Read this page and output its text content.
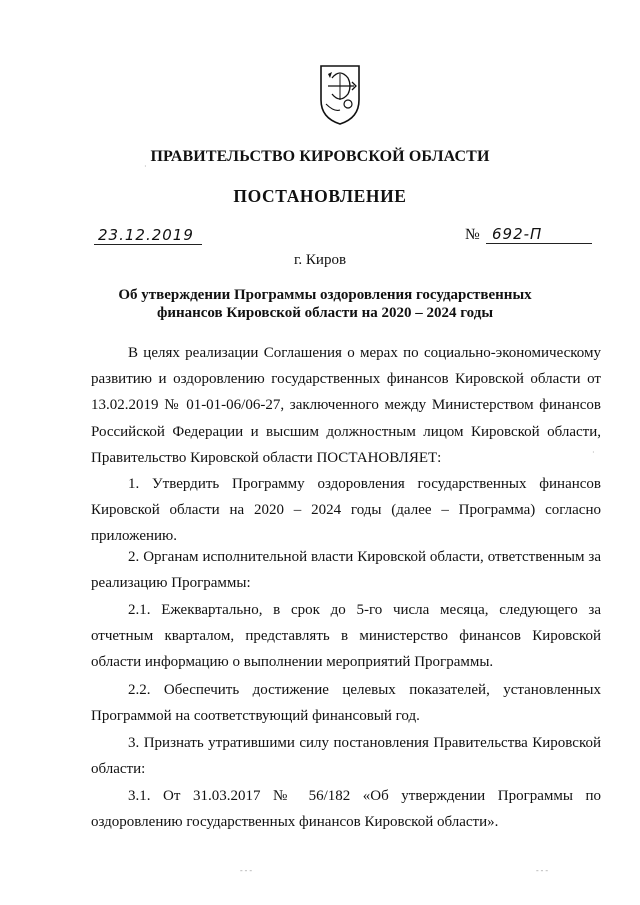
ПРАВИТЕЛЬСТВО КИРОВСКОЙ ОБЛАСТИ
ПОСТАНОВЛЕНИЕ
23.12.2019	№ 692-П
г. Киров
Об утверждении Программы оздоровления государственных финансов Кировской области на 2020 – 2024 годы

В целях реализации Соглашения о мерах по социально-экономическому развитию и оздоровлению государственных финансов Кировской области от 13.02.2019 № 01-01-06/06-27, заключенного между Министерством финансов Российской Федерации и высшим должностным лицом Кировской области, Правительство Кировской области ПОСТАНОВЛЯЕТ:

1. Утвердить Программу оздоровления государственных финансов Кировской области на 2020 – 2024 годы (далее – Программа) согласно приложению.

2. Органам исполнительной власти Кировской области, ответственным за реализацию Программы:

2.1. Ежеквартально, в срок до 5-го числа месяца, следующего за отчетным кварталом, представлять в министерство финансов Кировской области информацию о выполнении мероприятий Программы.

2.2. Обеспечить достижение целевых показателей, установленных Программой на соответствующий финансовый год.

3. Признать утратившими силу постановления Правительства Кировской области:

3.1. От 31.03.2017 № 56/182 «Об утверждении Программы по оздоровлению государственных финансов Кировской области».

·
·
- - -	- - -
